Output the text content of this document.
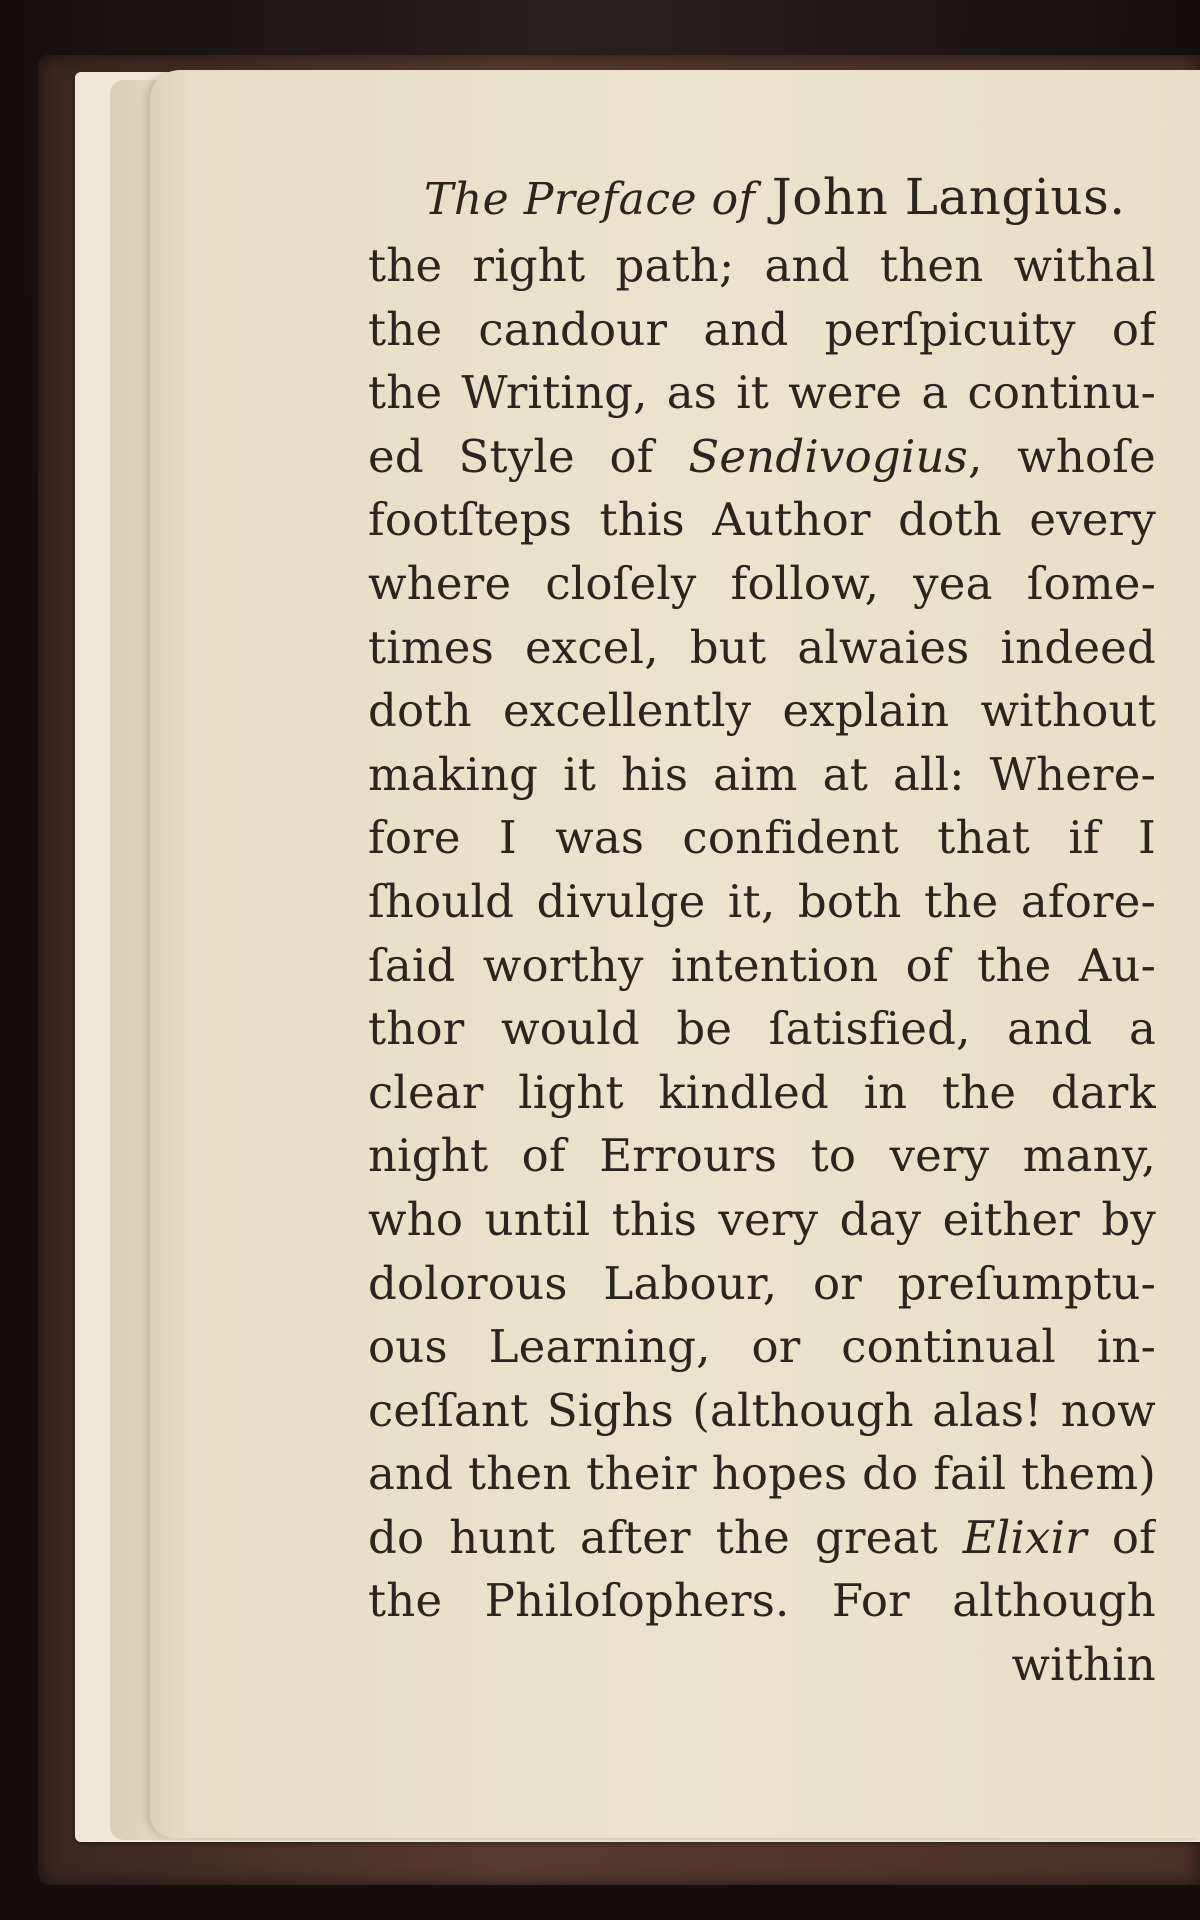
The Preface of John Langius.
the right path; and then withal
the candour and perſpicuity of
the Writing, as it were a continu-
ed Style of Sendivogius, whoſe
footſteps this Author doth every
where cloſely follow, yea ſome-
times excel, but alwaies indeed
doth excellently explain without
making it his aim at all: Where-
fore I was confident that if I
ſhould divulge it, both the afore-
ſaid worthy intention of the Au-
thor would be ſatisfied, and a
clear light kindled in the dark
night of Errours to very many,
who until this very day either by
dolorous Labour, or preſumptu-
ous Learning, or continual in-
ceſſant Sighs (although alas! now
and then their hopes do fail them)
do hunt after the great Elixir of
the Philoſophers. For although
within
